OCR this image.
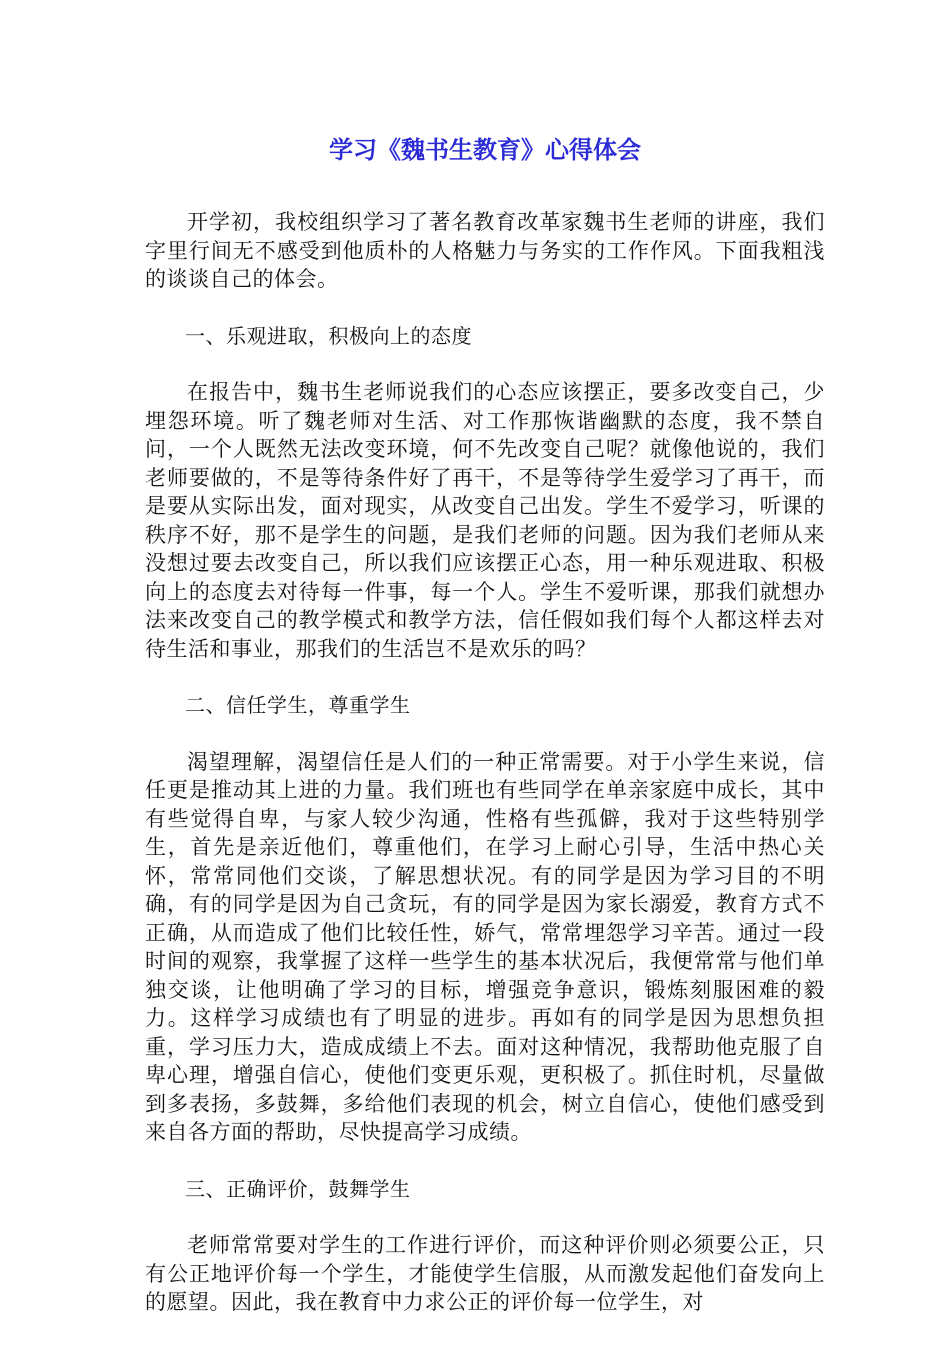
学习《魏书生教育》心得体会

开学初，我校组织学习了著名教育改革家魏书生老师的讲座，我们字里行间无不感受到他质朴的人格魅力与务实的工作作风。下面我粗浅的谈谈自己的体会。

一、乐观进取，积极向上的态度

在报告中，魏书生老师说我们的心态应该摆正，要多改变自己，少埋怨环境。听了魏老师对生活、对工作那恢谐幽默的态度，我不禁自问，一个人既然无法改变环境，何不先改变自己呢？就像他说的，我们老师要做的，不是等待条件好了再干，不是等待学生爱学习了再干，而是要从实际出发，面对现实，从改变自己出发。学生不爱学习，听课的秩序不好，那不是学生的问题，是我们老师的问题。因为我们老师从来没想过要去改变自己，所以我们应该摆正心态，用一种乐观进取、积极向上的态度去对待每一件事，每一个人。学生不爱听课，那我们就想办法来改变自己的教学模式和教学方法，信任假如我们每个人都这样去对待生活和事业，那我们的生活岂不是欢乐的吗？

二、信任学生，尊重学生

渴望理解，渴望信任是人们的一种正常需要。对于小学生来说，信任更是推动其上进的力量。我们班也有些同学在单亲家庭中成长，其中有些觉得自卑，与家人较少沟通，性格有些孤僻，我对于这些特别学生，首先是亲近他们，尊重他们，在学习上耐心引导，生活中热心关怀，常常同他们交谈，了解思想状况。有的同学是因为学习目的不明确，有的同学是因为自己贪玩，有的同学是因为家长溺爱，教育方式不正确，从而造成了他们比较任性，娇气，常常埋怨学习辛苦。通过一段时间的观察，我掌握了这样一些学生的基本状况后，我便常常与他们单独交谈，让他明确了学习的目标，增强竞争意识，锻炼刻服困难的毅力。这样学习成绩也有了明显的进步。再如有的同学是因为思想负担重，学习压力大，造成成绩上不去。面对这种情况，我帮助他克服了自卑心理，增强自信心，使他们变更乐观，更积极了。抓住时机，尽量做到多表扬，多鼓舞，多给他们表现的机会，树立自信心，使他们感受到来自各方面的帮助，尽快提高学习成绩。

三、正确评价，鼓舞学生

老师常常要对学生的工作进行评价，而这种评价则必须要公正，只有公正地评价每一个学生，才能使学生信服，从而激发起他们奋发向上的愿望。因此，我在教育中力求公正的评价每一位学生，对
